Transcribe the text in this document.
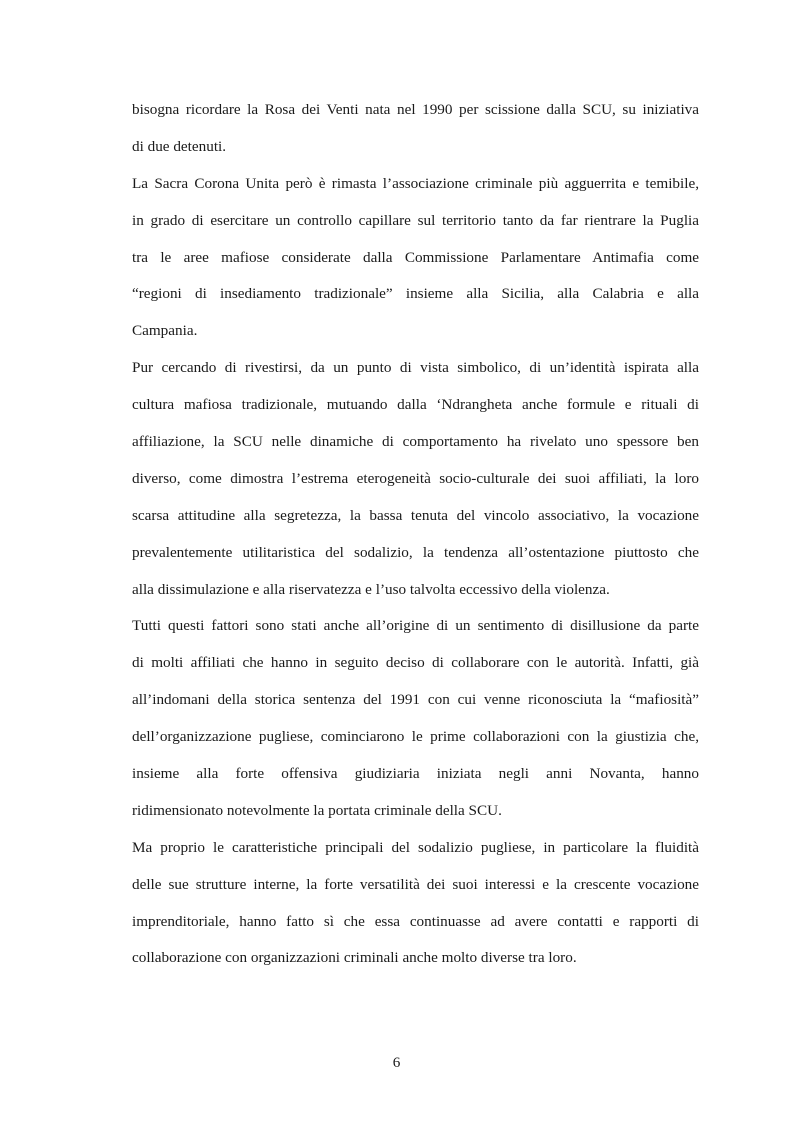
bisogna ricordare la Rosa dei Venti nata nel 1990 per scissione dalla SCU, su iniziativa
di due detenuti.
La Sacra Corona Unita però è rimasta l’associazione criminale più agguerrita e temibile,
in grado di esercitare un controllo capillare sul territorio tanto da far rientrare la Puglia
tra le aree mafiose considerate dalla Commissione Parlamentare Antimafia come
“regioni di insediamento tradizionale” insieme alla Sicilia, alla Calabria e alla
Campania.
Pur cercando di rivestirsi, da un punto di vista simbolico, di un’identità ispirata alla
cultura mafiosa tradizionale, mutuando dalla ‘Ndrangheta anche formule e rituali di
affiliazione, la SCU nelle dinamiche di comportamento ha rivelato uno spessore ben
diverso, come dimostra l’estrema eterogeneità socio-culturale dei suoi affiliati, la loro
scarsa attitudine alla segretezza, la bassa tenuta del vincolo associativo, la vocazione
prevalentemente utilitaristica del sodalizio, la tendenza all’ostentazione piuttosto che
alla dissimulazione e alla riservatezza e l’uso talvolta eccessivo della violenza.
Tutti questi fattori sono stati anche all’origine di un sentimento di disillusione da parte
di molti affiliati che hanno in seguito deciso di collaborare con le autorità. Infatti, già
all’indomani della storica sentenza del 1991 con cui venne riconosciuta la “mafiosità”
dell’organizzazione pugliese, cominciarono le prime collaborazioni con la giustizia che,
insieme alla forte offensiva giudiziaria iniziata negli anni Novanta, hanno
ridimensionato notevolmente la portata criminale della SCU.
Ma proprio le caratteristiche principali del sodalizio pugliese, in particolare la fluidità
delle sue strutture interne, la forte versatilità dei suoi interessi e la crescente vocazione
imprenditoriale, hanno fatto sì che essa continuasse ad avere contatti e rapporti di
collaborazione con organizzazioni criminali anche molto diverse tra loro.
6
